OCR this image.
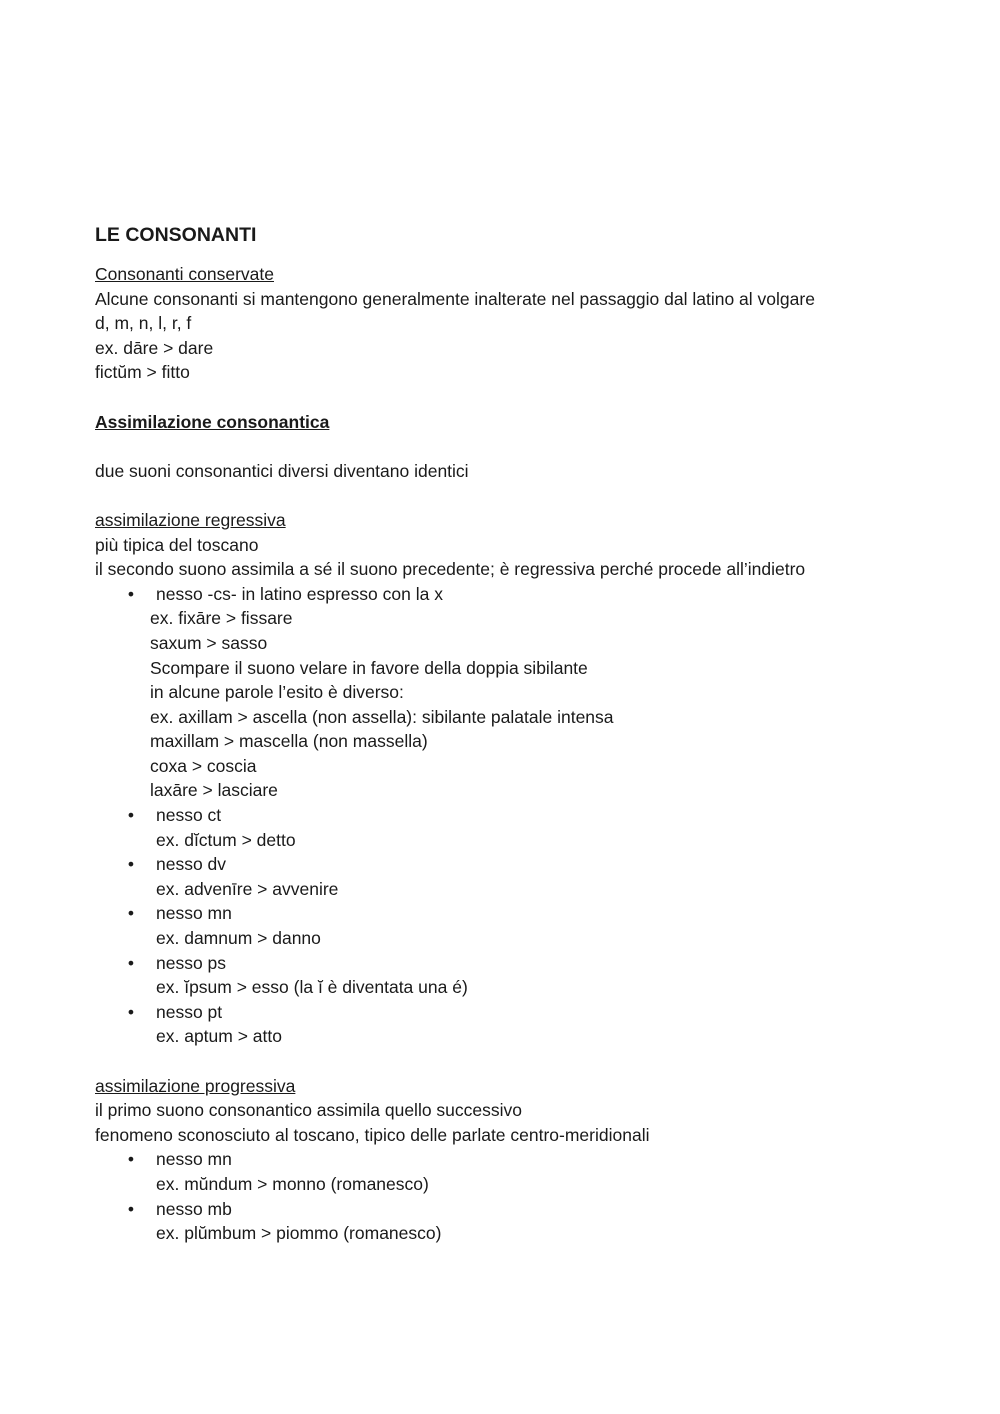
LE CONSONANTI
Consonanti conservate
Alcune consonanti si mantengono generalmente inalterate nel passaggio dal latino al volgare
d, m, n, l, r, f
ex. dāre > dare
fictŭm > fitto
Assimilazione consonantica
due suoni consonantici diversi diventano identici
assimilazione regressiva
più tipica del toscano
il secondo suono assimila a sé il suono precedente; è regressiva perché procede all’indietro
• nesso -cs- in latino espresso con la x
ex. fixāre > fissare
saxum > sasso
Scompare il suono velare in favore della doppia sibilante
in alcune parole l’esito è diverso:
ex. axillam > ascella (non assella): sibilante palatale intensa
maxillam > mascella (non massella)
coxa > coscia
laxāre > lasciare
• nesso ct
ex. dĭctum > detto
• nesso dv
ex. advenīre > avvenire
• nesso mn
ex. damnum > danno
• nesso ps
ex. ĭpsum > esso (la ĭ è diventata una é)
• nesso pt
ex. aptum > atto
assimilazione progressiva
il primo suono consonantico assimila quello successivo
fenomeno sconosciuto al toscano, tipico delle parlate centro-meridionali
• nesso mn
ex. mŭndum > monno (romanesco)
• nesso mb
ex. plŭmbum > piommo (romanesco)
